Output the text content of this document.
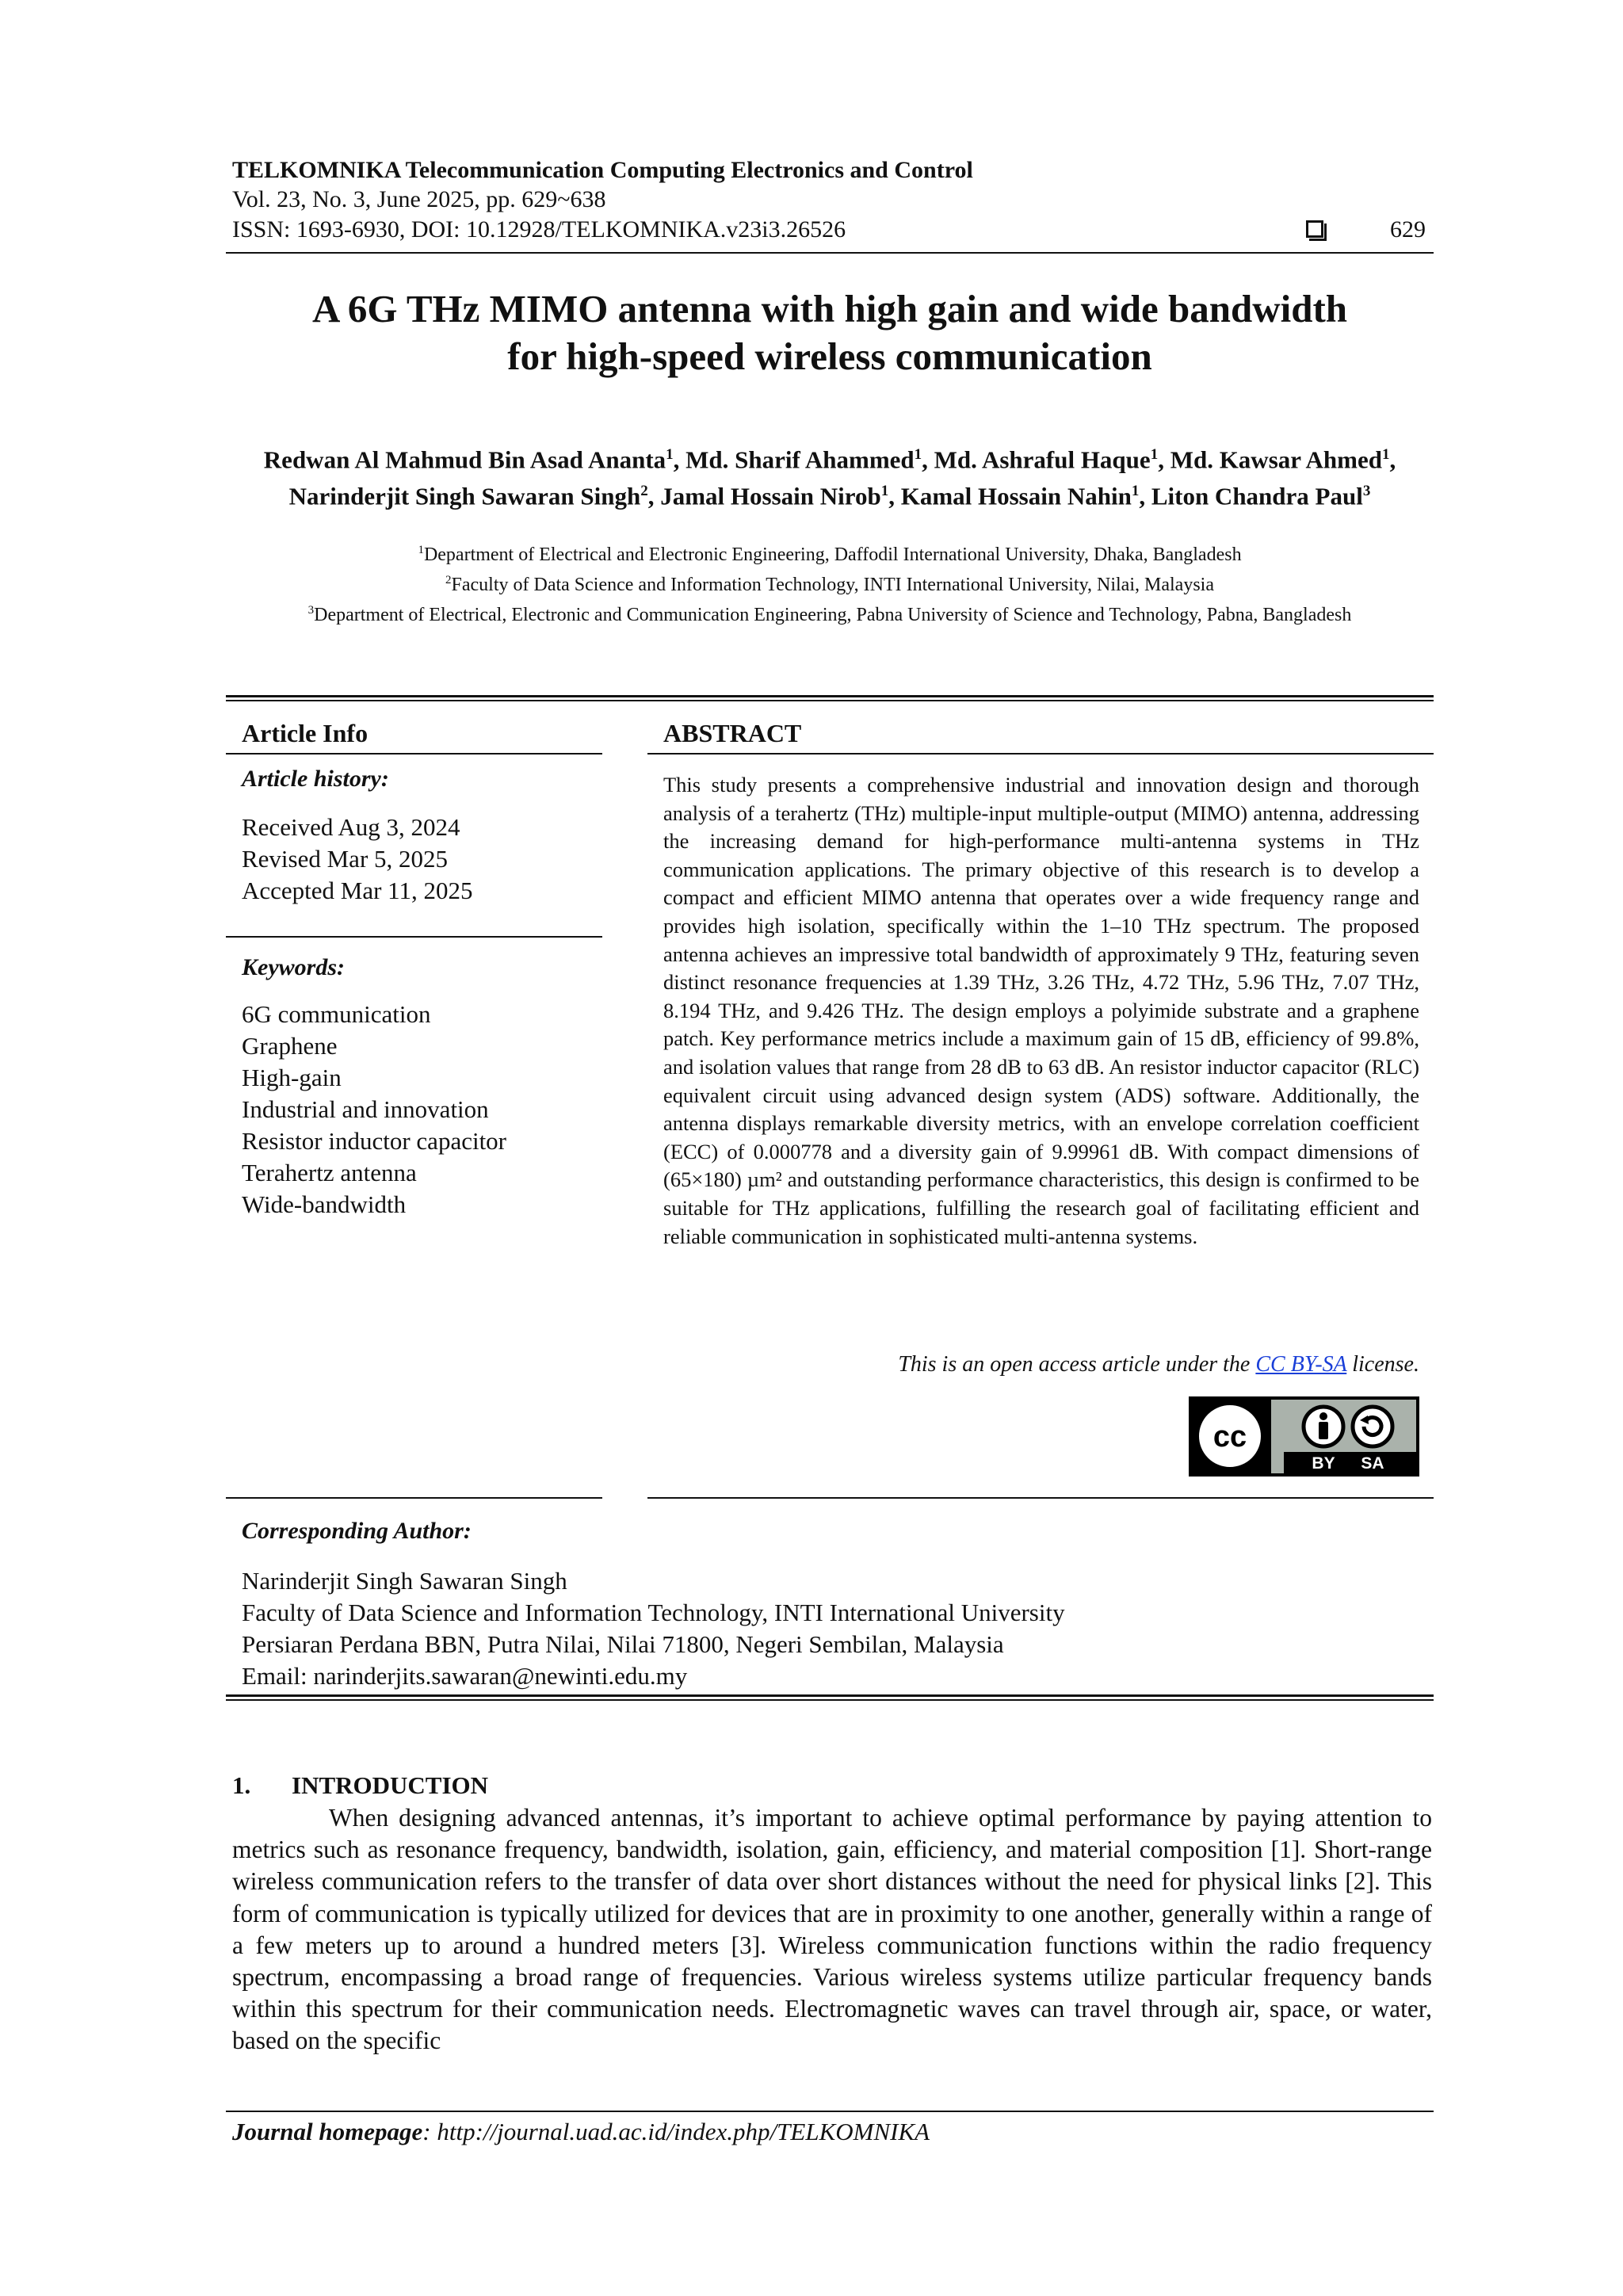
TELKOMNIKA Telecommunication Computing Electronics and Control
Vol. 23, No. 3, June 2025, pp. 629~638
ISSN: 1693-6930, DOI: 10.12928/TELKOMNIKA.v23i3.26526	629
A 6G THz MIMO antenna with high gain and wide bandwidth
for high-speed wireless communication
Redwan Al Mahmud Bin Asad Ananta$^1$, Md. Sharif Ahammed$^1$, Md. Ashraful Haque$^1$, Md. Kawsar Ahmed$^1$, Narinderjit Singh Sawaran Singh$^2$, Jamal Hossain Nirob$^1$, Kamal Hossain Nahin$^1$, Liton Chandra Paul$^3$
$^1$Department of Electrical and Electronic Engineering, Daffodil International University, Dhaka, Bangladesh
$^2$Faculty of Data Science and Information Technology, INTI International University, Nilai, Malaysia
$^3$Department of Electrical, Electronic and Communication Engineering, Pabna University of Science and Technology, Pabna, Bangladesh
Article Info
Article history:
Received Aug 3, 2024
Revised Mar 5, 2025
Accepted Mar 11, 2025
Keywords:
6G communication
Graphene
High-gain
Industrial and innovation
Resistor inductor capacitor
Terahertz antenna
Wide-bandwidth
ABSTRACT
This study presents a comprehensive industrial and innovation design and thorough analysis of a terahertz (THz) multiple-input multiple-output (MIMO) antenna, addressing the increasing demand for high-performance multi-antenna systems in THz communication applications. The primary objective of this research is to develop a compact and efficient MIMO antenna that operates over a wide frequency range and provides high isolation, specifically within the 1–10 THz spectrum. The proposed antenna achieves an impressive total bandwidth of approximately 9 THz, featuring seven distinct resonance frequencies at 1.39 THz, 3.26 THz, 4.72 THz, 5.96 THz, 7.07 THz, 8.194 THz, and 9.426 THz. The design employs a polyimide substrate and a graphene patch. Key performance metrics include a maximum gain of 15 dB, efficiency of 99.8%, and isolation values that range from 28 dB to 63 dB. An resistor inductor capacitor (RLC) equivalent circuit using advanced design system (ADS) software. Additionally, the antenna displays remarkable diversity metrics, with an envelope correlation coefficient (ECC) of 0.000778 and a diversity gain of 9.99961 dB. With compact dimensions of (65×180) µm² and outstanding performance characteristics, this design is confirmed to be suitable for THz applications, fulfilling the research goal of facilitating efficient and reliable communication in sophisticated multi-antenna systems.
This is an open access article under the CC BY-SA license.
cc
BY SA
Corresponding Author:
Narinderjit Singh Sawaran Singh
Faculty of Data Science and Information Technology, INTI International University
Persiaran Perdana BBN, Putra Nilai, Nilai 71800, Negeri Sembilan, Malaysia
Email: narinderjits.sawaran@newinti.edu.my
1. INTRODUCTION
When designing advanced antennas, it’s important to achieve optimal performance by paying attention to metrics such as resonance frequency, bandwidth, isolation, gain, efficiency, and material composition [1]. Short-range wireless communication refers to the transfer of data over short distances without the need for physical links [2]. This form of communication is typically utilized for devices that are in proximity to one another, generally within a range of a few meters up to around a hundred meters [3]. Wireless communication functions within the radio frequency spectrum, encompassing a broad range of frequencies. Various wireless systems utilize particular frequency bands within this spectrum for their communication needs. Electromagnetic waves can travel through air, space, or water, based on the specific
Journal homepage: http://journal.uad.ac.id/index.php/TELKOMNIKA
